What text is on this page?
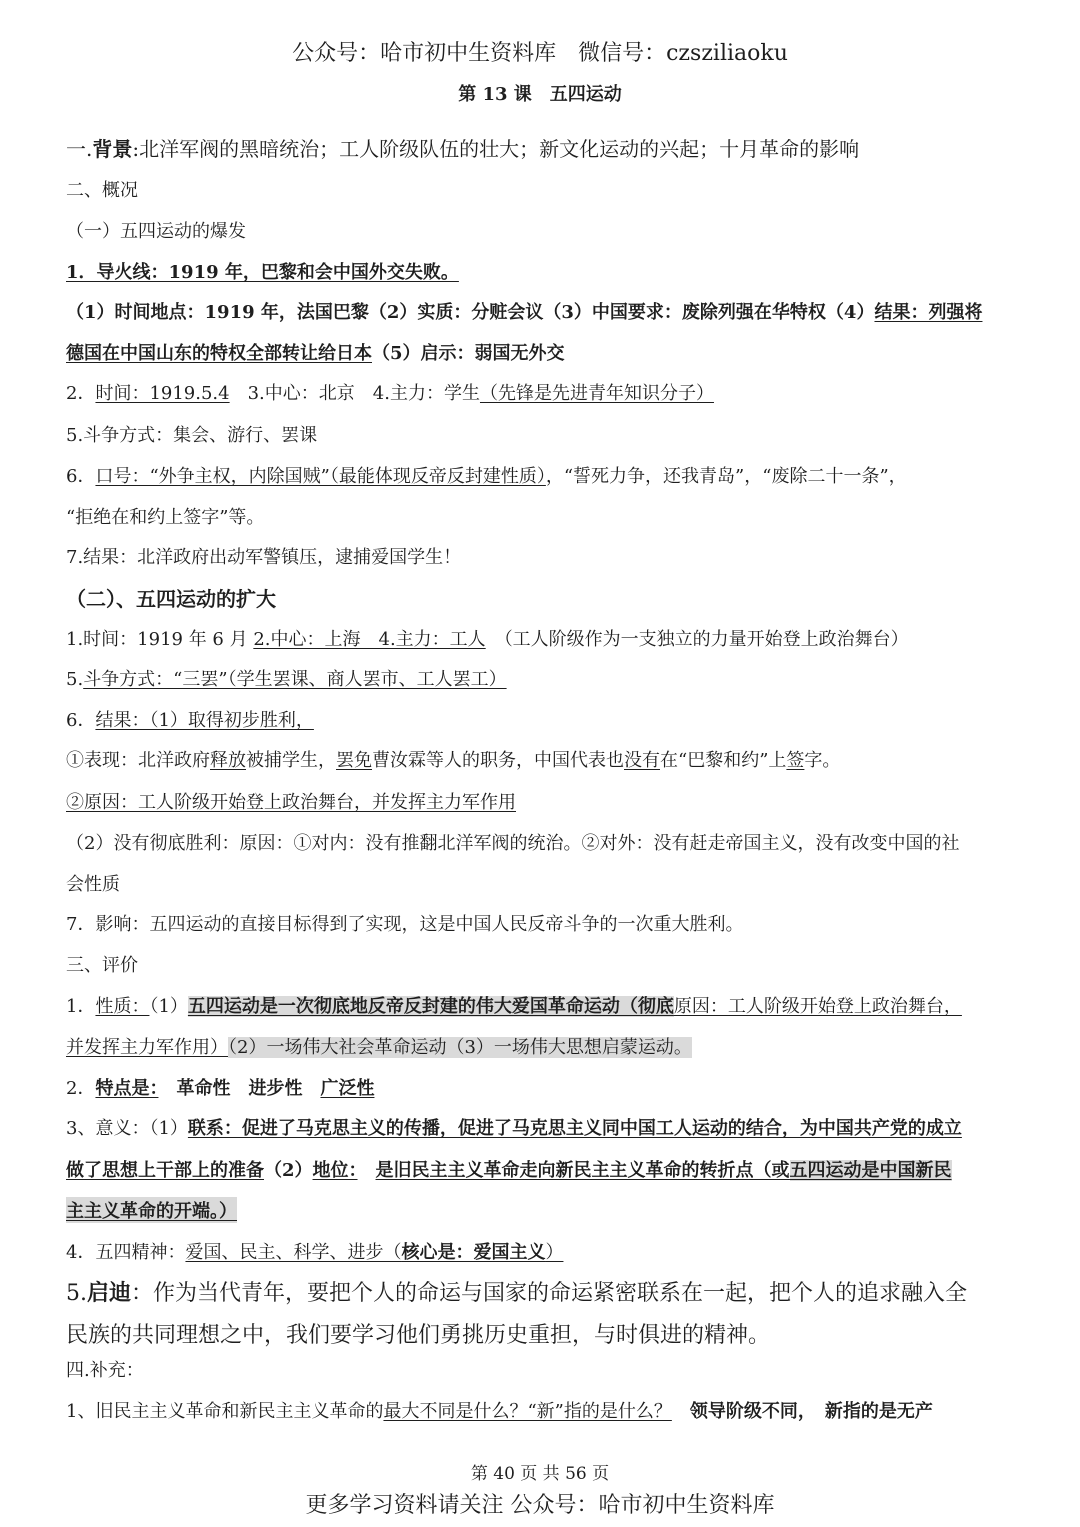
公众号：哈市初中生资料库　微信号：czsziliaoku
第 13 课　五四运动
一.背景:北洋军阀的黑暗统治；工人阶级队伍的壮大；新文化运动的兴起；十月革命的影响
二、概况
（一）五四运动的爆发
1．导火线：1919 年，巴黎和会中国外交失败。
（1）时间地点：1919 年，法国巴黎（2）实质：分赃会议（3）中国要求：废除列强在华特权（4）结果：列强将
德国在中国山东的特权全部转让给日本（5）启示：弱国无外交
2．时间：1919.5.4　3.中心：北京　4.主力：学生（先锋是先进青年知识分子）
5.斗争方式：集会、游行、罢课
6．口号：“外争主权，内除国贼”（最能体现反帝反封建性质），“誓死力争，还我青岛”，“废除二十一条”，
“拒绝在和约上签字”等。
7.结果：北洋政府出动军警镇压，逮捕爱国学生！
（二）、五四运动的扩大
1.时间：1919 年 6 月 2.中心：上海　4.主力：工人　 （工人阶级作为一支独立的力量开始登上政治舞台）
5.斗争方式：“三罢”（学生罢课、商人罢市、工人罢工）
6．结果：（1）取得初步胜利，
①表现：北洋政府释放被捕学生，罢免曹汝霖等人的职务，中国代表也没有在“巴黎和约”上签字。
②原因：工人阶级开始登上政治舞台，并发挥主力军作用
（2）没有彻底胜利：原因：①对内：没有推翻北洋军阀的统治。②对外：没有赶走帝国主义，没有改变中国的社
会性质
7．影响：五四运动的直接目标得到了实现，这是中国人民反帝斗争的一次重大胜利。
三、评价
1．性质：（1）五四运动是一次彻底地反帝反封建的伟大爱国革命运动（彻底原因：工人阶级开始登上政治舞台，
并发挥主力军作用）（2）一场伟大社会革命运动（3）一场伟大思想启蒙运动。
2．特点是：　 革命性　进步性　广泛性
3、意义：（1）联系：促进了马克思主义的传播，促进了马克思主义同中国工人运动的结合，为中国共产党的成立
做了思想上干部上的准备（2）地位：　 是旧民主主义革命走向新民主主义革命的转折点（或五四运动是中国新民
主主义革命的开端。）
4．五四精神：爱国、民主、科学、进步（核心是：爱国主义）
5.启迪：作为当代青年，要把个人的命运与国家的命运紧密联系在一起，把个人的追求融入全
民族的共同理想之中，我们要学习他们勇挑历史重担，与时俱进的精神。
四.补充：
1、旧民主主义革命和新民主主义革命的最大不同是什么？“新”指的是什么？　领导阶级不同，　新指的是无产
第 40 页 共 56 页
更多学习资料请关注 公众号：哈市初中生资料库
